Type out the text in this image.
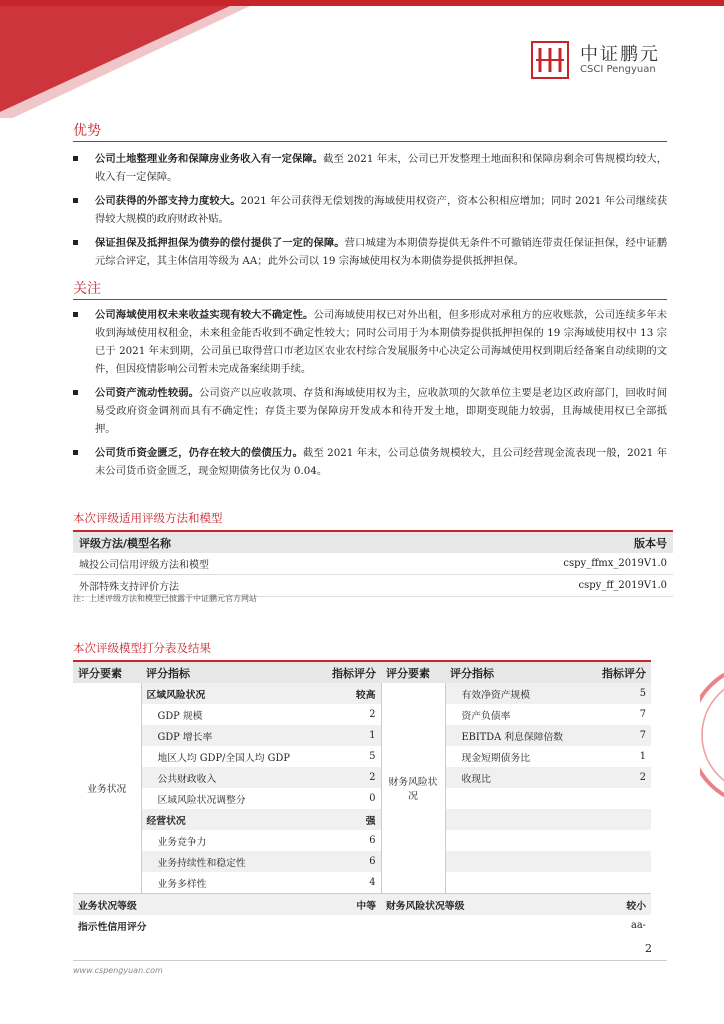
中证鹏元
CSCI Pengyuan
优势
公司土地整理业务和保障房业务收入有一定保障。截至 2021 年末，公司已开发整理土地面积和保障房剩余可售规模均较大，收入有一定保障。
公司获得的外部支持力度较大。2021 年公司获得无偿划拨的海域使用权资产，资本公积相应增加；同时 2021 年公司继续获得较大规模的政府财政补贴。
保证担保及抵押担保为债券的偿付提供了一定的保障。营口城建为本期债券提供无条件不可撤销连带责任保证担保，经中证鹏元综合评定，其主体信用等级为 AA；此外公司以 19 宗海域使用权为本期债券提供抵押担保。
关注
公司海域使用权未来收益实现有较大不确定性。公司海域使用权已对外出租，但多形成对承租方的应收账款，公司连续多年未收到海域使用权租金，未来租金能否收到不确定性较大；同时公司用于为本期债券提供抵押担保的 19 宗海域使用权中 13 宗已于 2021 年末到期，公司虽已取得营口市老边区农业农村综合发展服务中心决定公司海域使用权到期后经备案自动续期的文件，但因疫情影响公司暂未完成备案续期手续。
公司资产流动性较弱。公司资产以应收款项、存货和海域使用权为主，应收款项的欠款单位主要是老边区政府部门，回收时间易受政府资金调剂而具有不确定性；存货主要为保障房开发成本和待开发土地，即期变现能力较弱，且海域使用权已全部抵押。
公司货币资金匮乏，仍存在较大的偿债压力。截至 2021 年末，公司总债务规模较大，且公司经营现金流表现一般，2021 年末公司货币资金匮乏，现金短期债务比仅为 0.04。
本次评级适用评级方法和模型
评级方法/模型名称	版本号
城投公司信用评级方法和模型	cspy_ffmx_2019V1.0
外部特殊支持评价方法	cspy_ff_2019V1.0
注：上述评级方法和模型已披露于中证鹏元官方网站
本次评级模型打分表及结果
评分要素	评分指标	指标评分	评分要素	评分指标	指标评分
业务状况	区域风险状况	较高	财务风险状况	有效净资产规模	5
	GDP 规模	2		资产负债率	7
	GDP 增长率	1		EBITDA 利息保障倍数	7
	地区人均 GDP/全国人均 GDP	5		现金短期债务比	1
	公共财政收入	2		收现比	2
	区域风险状况调整分	0			
	经营状况	强			
	业务竞争力	6			
	业务持续性和稳定性	6			
	业务多样性	4			
业务状况等级		中等	财务风险状况等级		较小
指示性信用评分					aa-
2
www.cspengyuan.com
